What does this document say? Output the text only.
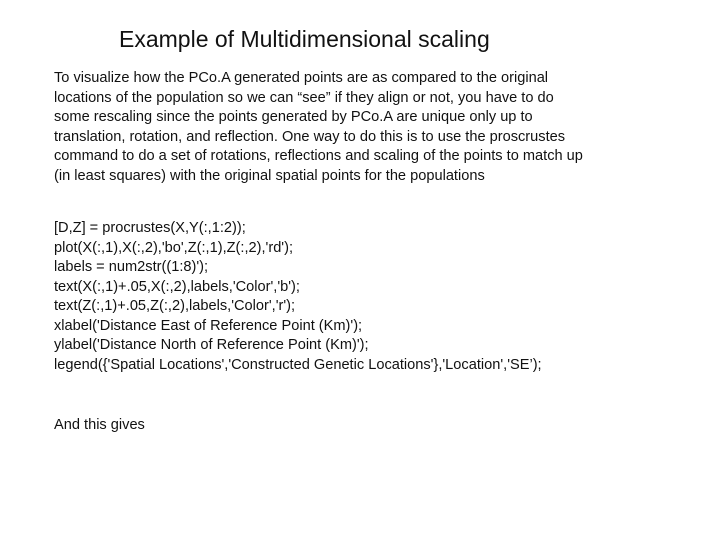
Example of Multidimensional scaling
To visualize how the PCo.A generated points are as compared to the original
locations of the population so we can “see” if they align or not, you have to do
some rescaling since the points generated by PCo.A are unique only up to
translation, rotation, and reflection. One way to do this is to use the proscrustes
command to do a set of rotations, reflections and scaling of the points to match up
(in least squares) with the original spatial points for the populations
[D,Z] = procrustes(X,Y(:,1:2));
plot(X(:,1),X(:,2),'bo',Z(:,1),Z(:,2),'rd');
labels = num2str((1:8)');
text(X(:,1)+.05,X(:,2),labels,'Color','b');
text(Z(:,1)+.05,Z(:,2),labels,'Color','r');
xlabel('Distance East of Reference Point (Km)');
ylabel('Distance North of Reference Point (Km)');
legend({'Spatial Locations','Constructed Genetic Locations'},'Location','SE’);
And this gives
